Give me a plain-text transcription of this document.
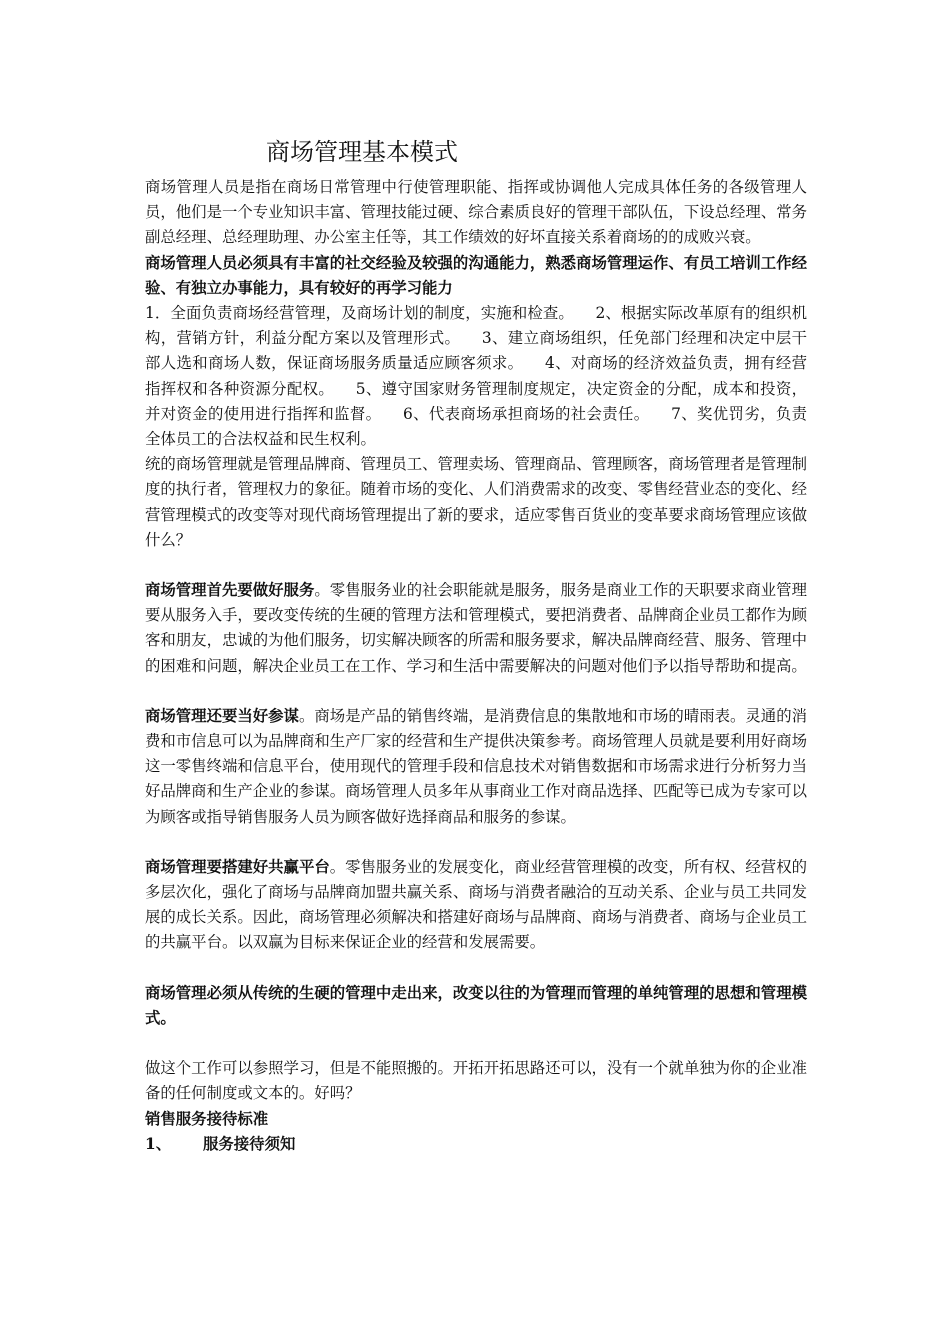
商场管理基本模式

商场管理人员是指在商场日常管理中行使管理职能、指挥或协调他人完成具体任务的各级管理人员，他们是一个专业知识丰富、管理技能过硬、综合素质良好的管理干部队伍，下设总经理、常务副总经理、总经理助理、办公室主任等，其工作绩效的好坏直接关系着商场的的成败兴衰。

商场管理人员必须具有丰富的社交经验及较强的沟通能力，熟悉商场管理运作、有员工培训工作经验、有独立办事能力，具有较好的再学习能力

1．全面负责商场经营管理，及商场计划的制度，实施和检查。 2、根据实际改革原有的组织机构，营销方针，利益分配方案以及管理形式。 3、建立商场组织，任免部门经理和决定中层干部人选和商场人数，保证商场服务质量适应顾客须求。 4、对商场的经济效益负责，拥有经营指挥权和各种资源分配权。 5、遵守国家财务管理制度规定，决定资金的分配，成本和投资，并对资金的使用进行指挥和监督。 6、代表商场承担商场的社会责任。 7、奖优罚劣，负责全体员工的合法权益和民生权利。

统的商场管理就是管理品牌商、管理员工、管理卖场、管理商品、管理顾客，商场管理者是管理制度的执行者，管理权力的象征。随着市场的变化、人们消费需求的改变、零售经营业态的变化、经营管理模式的改变等对现代商场管理提出了新的要求，适应零售百货业的变革要求商场管理应该做什么？

商场管理首先要做好服务。零售服务业的社会职能就是服务，服务是商业工作的天职要求商业管理要从服务入手，要改变传统的生硬的管理方法和管理模式，要把消费者、品牌商企业员工都作为顾客和朋友，忠诚的为他们服务，切实解决顾客的所需和服务要求，解决品牌商经营、服务、管理中的困难和问题，解决企业员工在工作、学习和生活中需要解决的问题对他们予以指导帮助和提高。

商场管理还要当好参谋。商场是产品的销售终端，是消费信息的集散地和市场的晴雨表。灵通的消费和市信息可以为品牌商和生产厂家的经营和生产提供决策参考。商场管理人员就是要利用好商场这一零售终端和信息平台，使用现代的管理手段和信息技术对销售数据和市场需求进行分析努力当好品牌商和生产企业的参谋。商场管理人员多年从事商业工作对商品选择、匹配等已成为专家可以为顾客或指导销售服务人员为顾客做好选择商品和服务的参谋。

商场管理要搭建好共赢平台。零售服务业的发展变化，商业经营管理模的改变，所有权、经营权的多层次化，强化了商场与品牌商加盟共赢关系、商场与消费者融洽的互动关系、企业与员工共同发展的成长关系。因此，商场管理必须解决和搭建好商场与品牌商、商场与消费者、商场与企业员工的共赢平台。以双赢为目标来保证企业的经营和发展需要。

商场管理必须从传统的生硬的管理中走出来，改变以往的为管理而管理的单纯管理的思想和管理模式。

做这个工作可以参照学习，但是不能照搬的。开拓开拓思路还可以，没有一个就单独为你的企业准备的任何制度或文本的。好吗？

销售服务接待标准

1、 服务接待须知
